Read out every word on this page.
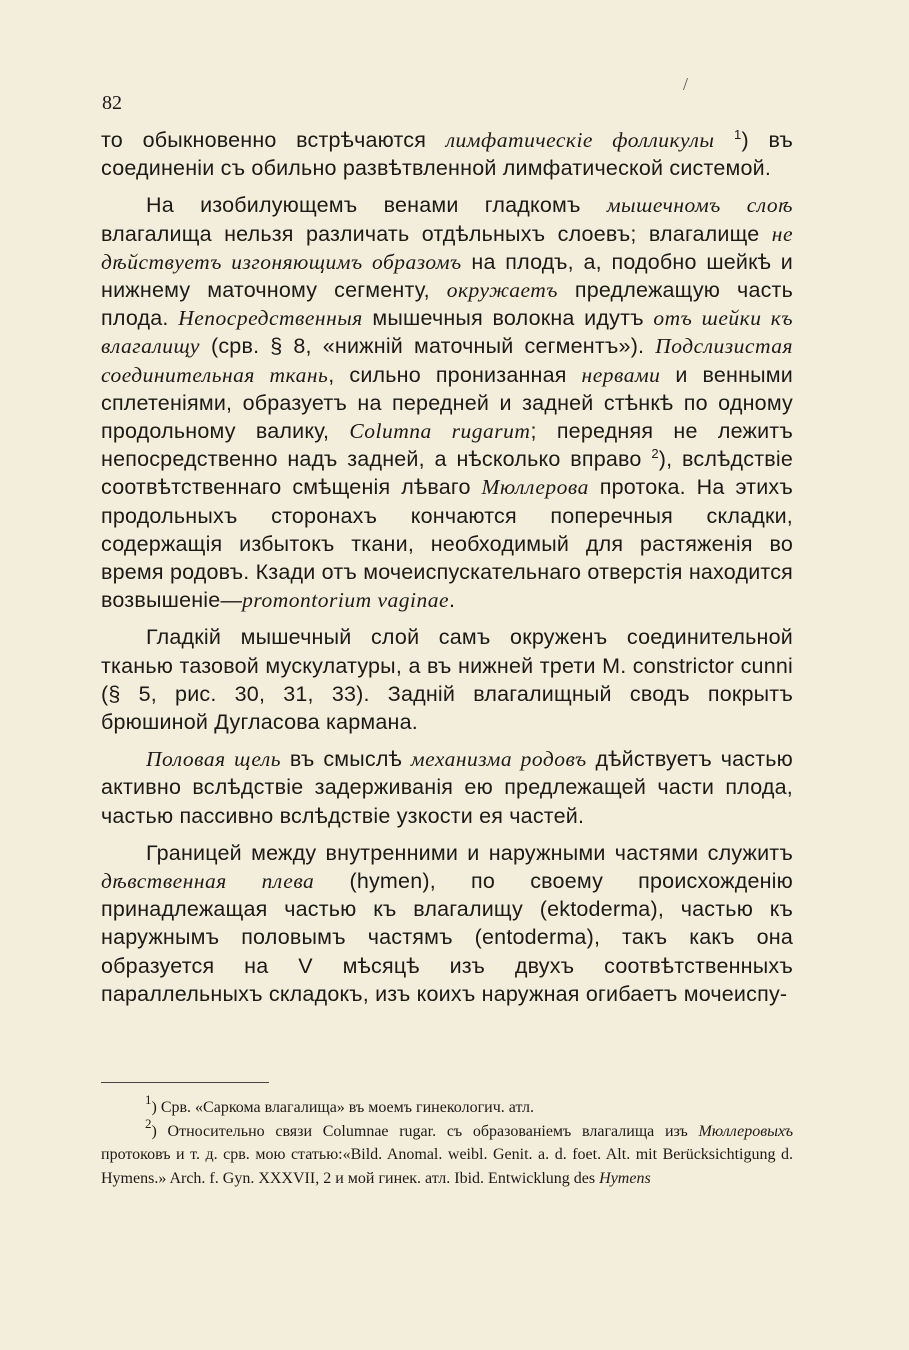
82
/

то обыкновенно встрѣчаются лимфатическіе фолликулы $^1$) въ соединеніи съ обильно развѣтвленной лимфатической системой.

На изобилующемъ венами гладкомъ мышечномъ слоѣ влагалища нельзя различать отдѣльныхъ слоевъ; влагалище не дѣйствуетъ изгоняющимъ образомъ на плодъ, а, подобно шейкѣ и нижнему маточному сегменту, окружаетъ предлежащую часть плода. Непосредственныя мышечныя волокна идутъ отъ шейки къ влагалищу (срв. § 8, «нижній маточный сегментъ»). Подслизистая соединительная ткань, сильно пронизанная нервами и венными сплетеніями, образуетъ на передней и задней стѣнкѣ по одному продольному валику, Columna rugarum; передняя не лежитъ непосредственно надъ задней, а нѣсколько вправо $^2$), вслѣдствіе соотвѣтственнаго смѣщенія лѣваго Мюллерова протока. На этихъ продольныхъ сторонахъ кончаются поперечныя складки, содержащія избытокъ ткани, необходимый для растяженія во время родовъ. Кзади отъ мочеиспускательнаго отверстія находится возвышеніе—promontorium vaginae.

Гладкій мышечный слой самъ окруженъ соединительной тканью тазовой мускулатуры, а въ нижней трети M. constrictor cunni (§ 5, рис. 30, 31, 33). Задній влагалищный сводъ покрытъ брюшиной Дугласова кармана.

Половая щель въ смыслѣ механизма родовъ дѣйствуетъ частью активно вслѣдствіе задерживанія ею предлежащей части плода, частью пассивно вслѣдствіе узкости ея частей.

Границей между внутренними и наружными частями служитъ дѣвственная плева (hymen), по своему происхожденію принадлежащая частью къ влагалищу (ektoderma), частью къ наружнымъ половымъ частямъ (entoderma), такъ какъ она образуется на V мѣсяцѣ изъ двухъ соотвѣтственныхъ параллельныхъ складокъ, изъ коихъ наружная огибаетъ мочеиспу-

$^1$) Срв. «Саркома влагалища» въ моемъ гинекологич. атл.

$^2$) Относительно связи Columnae rugar. съ образованіемъ влагалища изъ Мюллеровыхъ протоковъ и т. д. срв. мою статью:«Bild. Anomal. weibl. Genit. a. d. foet. Alt. mit Berücksichtigung d. Hymens.» Arch. f. Gyn. XXXVII, 2 и мой гинек. атл. Ibid. Entwicklung des Hymens
